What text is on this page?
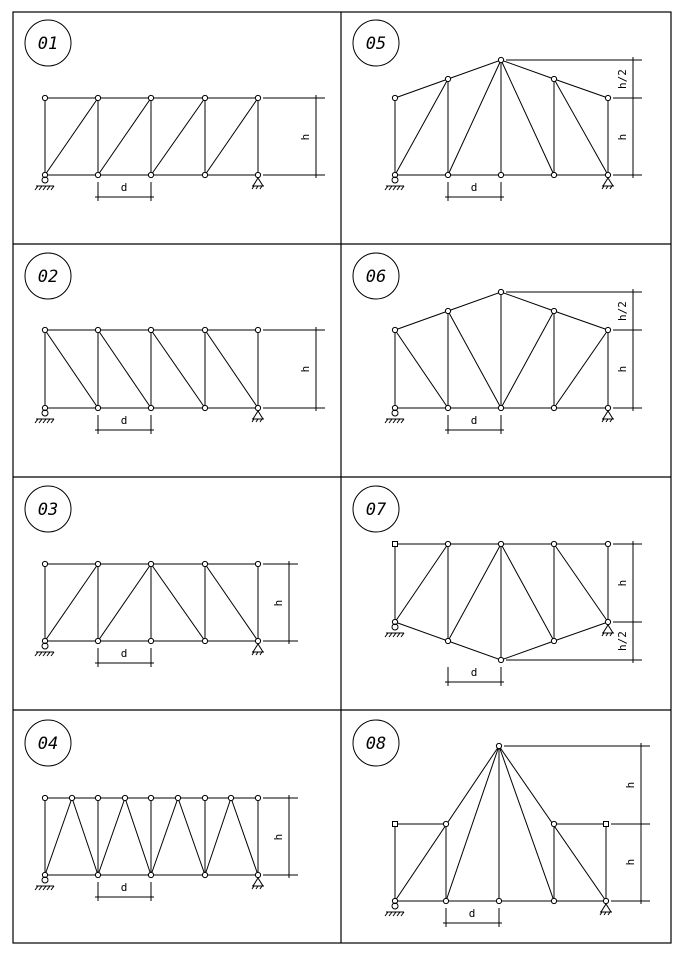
01
d
h
05
d
h/2
h
02
d
h
06
d
h/2
h
03
d
h
07
d
h
h/2
04
d
h
08
d
h
h
